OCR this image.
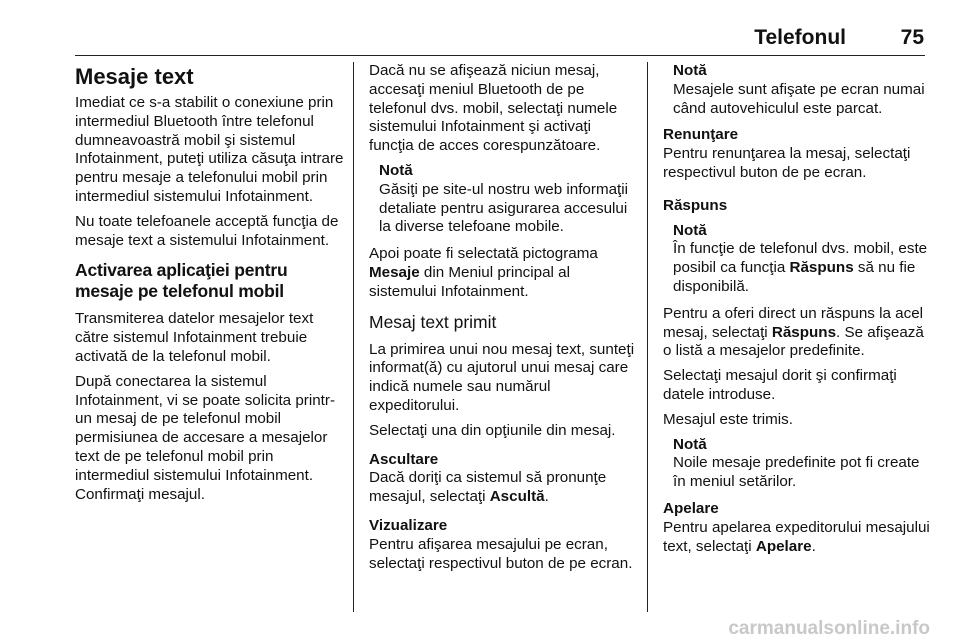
Telefonul	75
Mesaje text

Imediat ce s-a stabilit o conexiune prin intermediul Bluetooth între telefonul dumneavoastră mobil şi sistemul Infotainment, puteţi utiliza căsuţa intrare pentru mesaje a telefonului mobil prin intermediul sistemului Infotainment.

Nu toate telefoanele acceptă funcţia de mesaje text a sistemului Infotainment.

Activarea aplicaţiei pentru mesaje pe telefonul mobil

Transmiterea datelor mesajelor text către sistemul Infotainment trebuie activată de la telefonul mobil.

După conectarea la sistemul Infotainment, vi se poate solicita printr-un mesaj de pe telefonul mobil permisiunea de accesare a mesajelor text de pe telefonul mobil prin intermediul sistemului Infotainment. Confirmaţi mesajul.

Dacă nu se afişează niciun mesaj, accesaţi meniul Bluetooth de pe telefonul dvs. mobil, selectaţi numele sistemului Infotainment şi activaţi funcţia de acces corespunzătoare.

Notă
Găsiţi pe site-ul nostru web informaţii detaliate pentru asigurarea accesului la diverse telefoane mobile.

Apoi poate fi selectată pictograma Mesaje din Meniul principal al sistemului Infotainment.

Mesaj text primit

La primirea unui nou mesaj text, sunteţi informat(ă) cu ajutorul unui mesaj care indică numele sau numărul expeditorului.

Selectaţi una din opţiunile din mesaj.

Ascultare

Dacă doriţi ca sistemul să pronunţe mesajul, selectaţi Ascultă.

Vizualizare

Pentru afişarea mesajului pe ecran, selectaţi respectivul buton de pe ecran.

Notă
Mesajele sunt afişate pe ecran numai când autovehiculul este parcat.
Renunţare

Pentru renunţarea la mesaj, selectaţi respectivul buton de pe ecran.

Răspuns
Notă
În funcţie de telefonul dvs. mobil, este posibil ca funcţia Răspuns să nu fie disponibilă.

Pentru a oferi direct un răspuns la acel mesaj, selectaţi Răspuns. Se afişează o listă a mesajelor predefinite.

Selectaţi mesajul dorit şi confirmaţi datele introduse.

Mesajul este trimis.

Notă
Noile mesaje predefinite pot fi create în meniul setărilor.
Apelare

Pentru apelarea expeditorului mesajului text, selectaţi Apelare.

carmanualsonline.info
